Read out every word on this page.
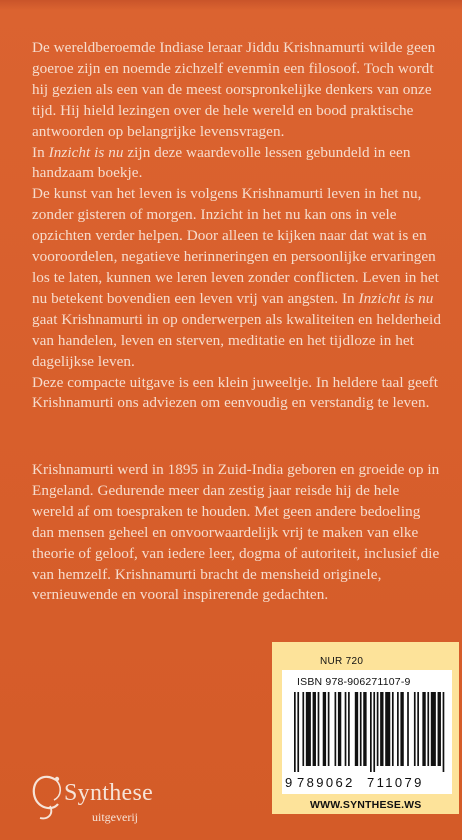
De wereldberoemde Indiase leraar Jiddu Krishnamurti wilde geen goeroe zijn en noemde zichzelf evenmin een filosoof. Toch wordt hij gezien als een van de meest oorspronkelijke denkers van onze tijd. Hij hield lezingen over de hele wereld en bood praktische antwoorden op belangrijke levensvragen.

In Inzicht is nu zijn deze waardevolle lessen gebundeld in een handzaam boekje.

De kunst van het leven is volgens Krishnamurti leven in het nu, zonder gisteren of morgen. Inzicht in het nu kan ons in vele opzichten verder helpen. Door alleen te kijken naar dat wat is en vooroordelen, negatieve herinneringen en persoonlijke ervaringen los te laten, kunnen we leren leven zonder conflicten. Leven in het nu betekent bovendien een leven vrij van angsten. In Inzicht is nu gaat Krishnamurti in op onderwerpen als kwaliteiten en helderheid van handelen, leven en sterven, meditatie en het tijdloze in het dagelijkse leven.

Deze compacte uitgave is een klein juweeltje. In heldere taal geeft Krishnamurti ons adviezen om eenvoudig en verstandig te leven.

Krishnamurti werd in 1895 in Zuid-India geboren en groeide op in Engeland. Gedurende meer dan zestig jaar reisde hij de hele wereld af om toespraken te houden. Met geen andere bedoeling dan mensen geheel en onvoorwaardelijk vrij te maken van elke theorie of geloof, van iedere leer, dogma of autoriteit, inclusief die van hemzelf. Krishnamurti bracht de mensheid originele, vernieuwende en vooral inspirerende gedachten.

NUR 720
ISBN 978-906271107-9
9 789062 711079
WWW.SYNTHESE.WS
Synthese
uitgeverij
